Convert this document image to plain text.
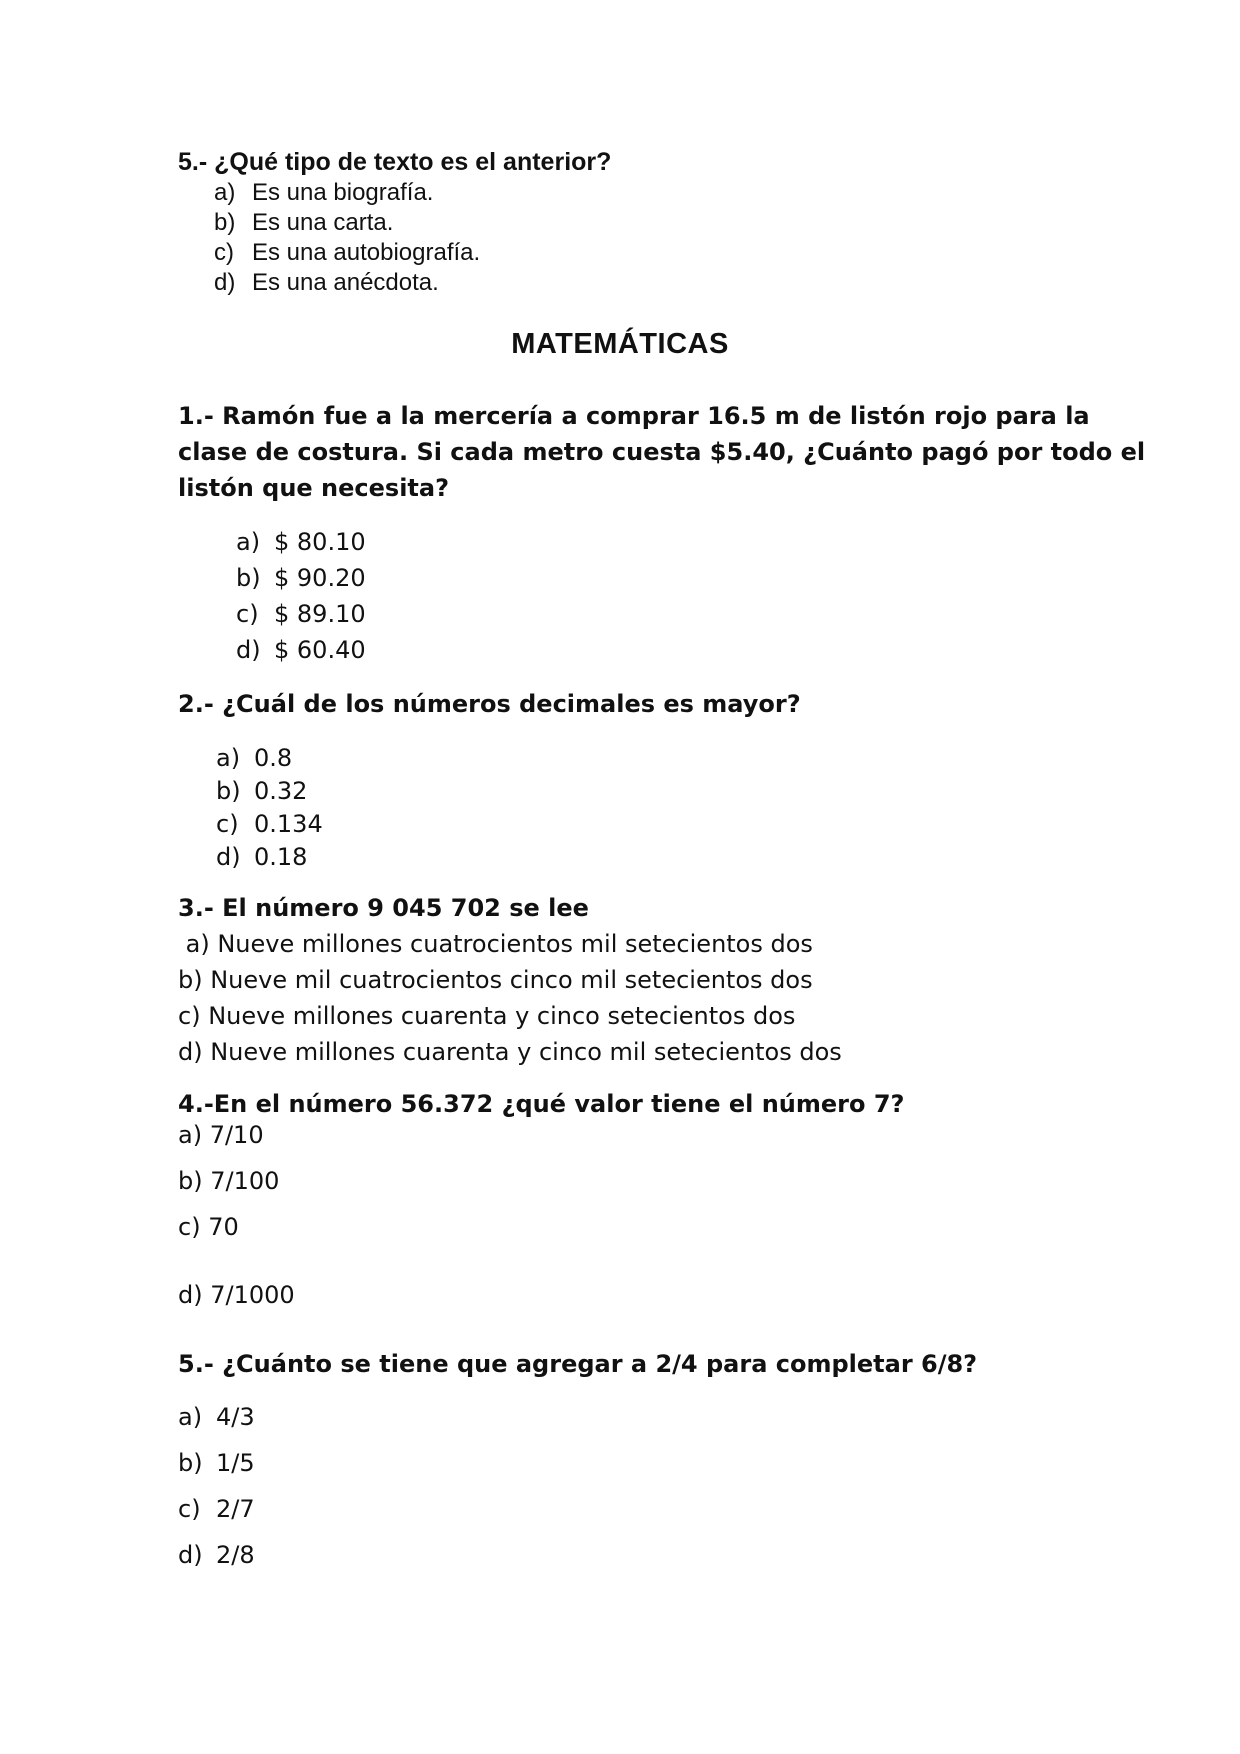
5.- ¿Qué tipo de texto es el anterior?

a) Es una biografía.

b) Es una carta.

c) Es una autobiografía.

d) Es una anécdota.

MATEMÁTICAS

1.- Ramón fue a la mercería a comprar 16.5 m de listón rojo para la

clase de costura. Si cada metro cuesta $5.40, ¿Cuánto pagó por todo el

listón que necesita?

a) $ 80.10

b) $ 90.20

c) $ 89.10

d) $ 60.40

2.- ¿Cuál de los números decimales es mayor?

a) 0.8

b) 0.32

c) 0.134

d) 0.18

3.- El número 9 045 702 se lee

a) Nueve millones cuatrocientos mil setecientos dos

b) Nueve mil cuatrocientos cinco mil setecientos dos

c) Nueve millones cuarenta y cinco setecientos dos

d) Nueve millones cuarenta y cinco mil setecientos dos

4.-En el número 56.372 ¿qué valor tiene el número 7?

a) 7/10

b) 7/100

c) 70

d) 7/1000

5.- ¿Cuánto se tiene que agregar a 2/4 para completar 6/8?

a) 4/3

b) 1/5

c) 2/7

d) 2/8
